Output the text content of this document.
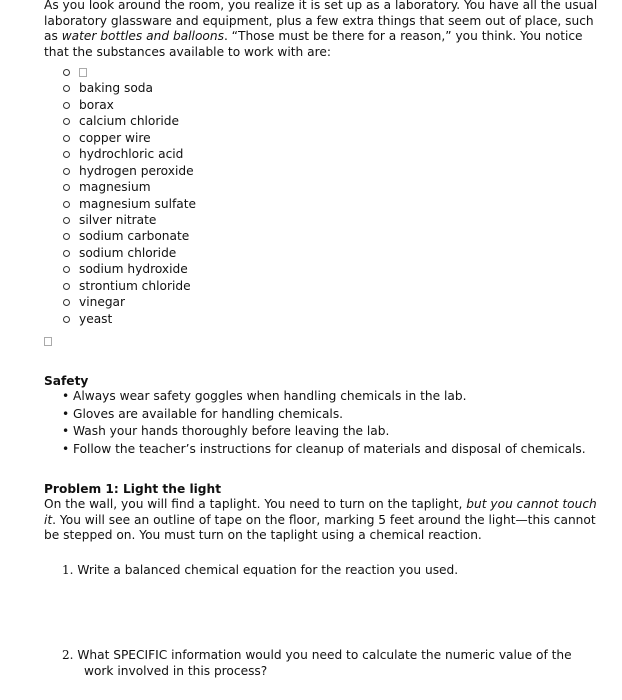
As you look around the room, you realize it is set up as a laboratory. You have all the usual laboratory glassware and equipment, plus a few extra things that seem out of place, such as water bottles and balloons. “Those must be there for a reason,” you think. You notice that the substances available to work with are:

baking soda
borax
calcium chloride
copper wire
hydrochloric acid
hydrogen peroxide
magnesium
magnesium sulfate
silver nitrate
sodium carbonate
sodium chloride
sodium hydroxide
strontium chloride
vinegar
yeast

Safety

• Always wear safety goggles when handling chemicals in the lab.
• Gloves are available for handling chemicals.
• Wash your hands thoroughly before leaving the lab.
• Follow the teacher’s instructions for cleanup of materials and disposal of chemicals.

Problem 1: Light the light

On the wall, you will find a taplight. You need to turn on the taplight, but you cannot touch it. You will see an outline of tape on the floor, marking 5 feet around the light—this cannot be stepped on. You must turn on the taplight using a chemical reaction.

1. Write a balanced chemical equation for the reaction you used.

2. What SPECIFIC information would you need to calculate the numeric value of the work involved in this process?
